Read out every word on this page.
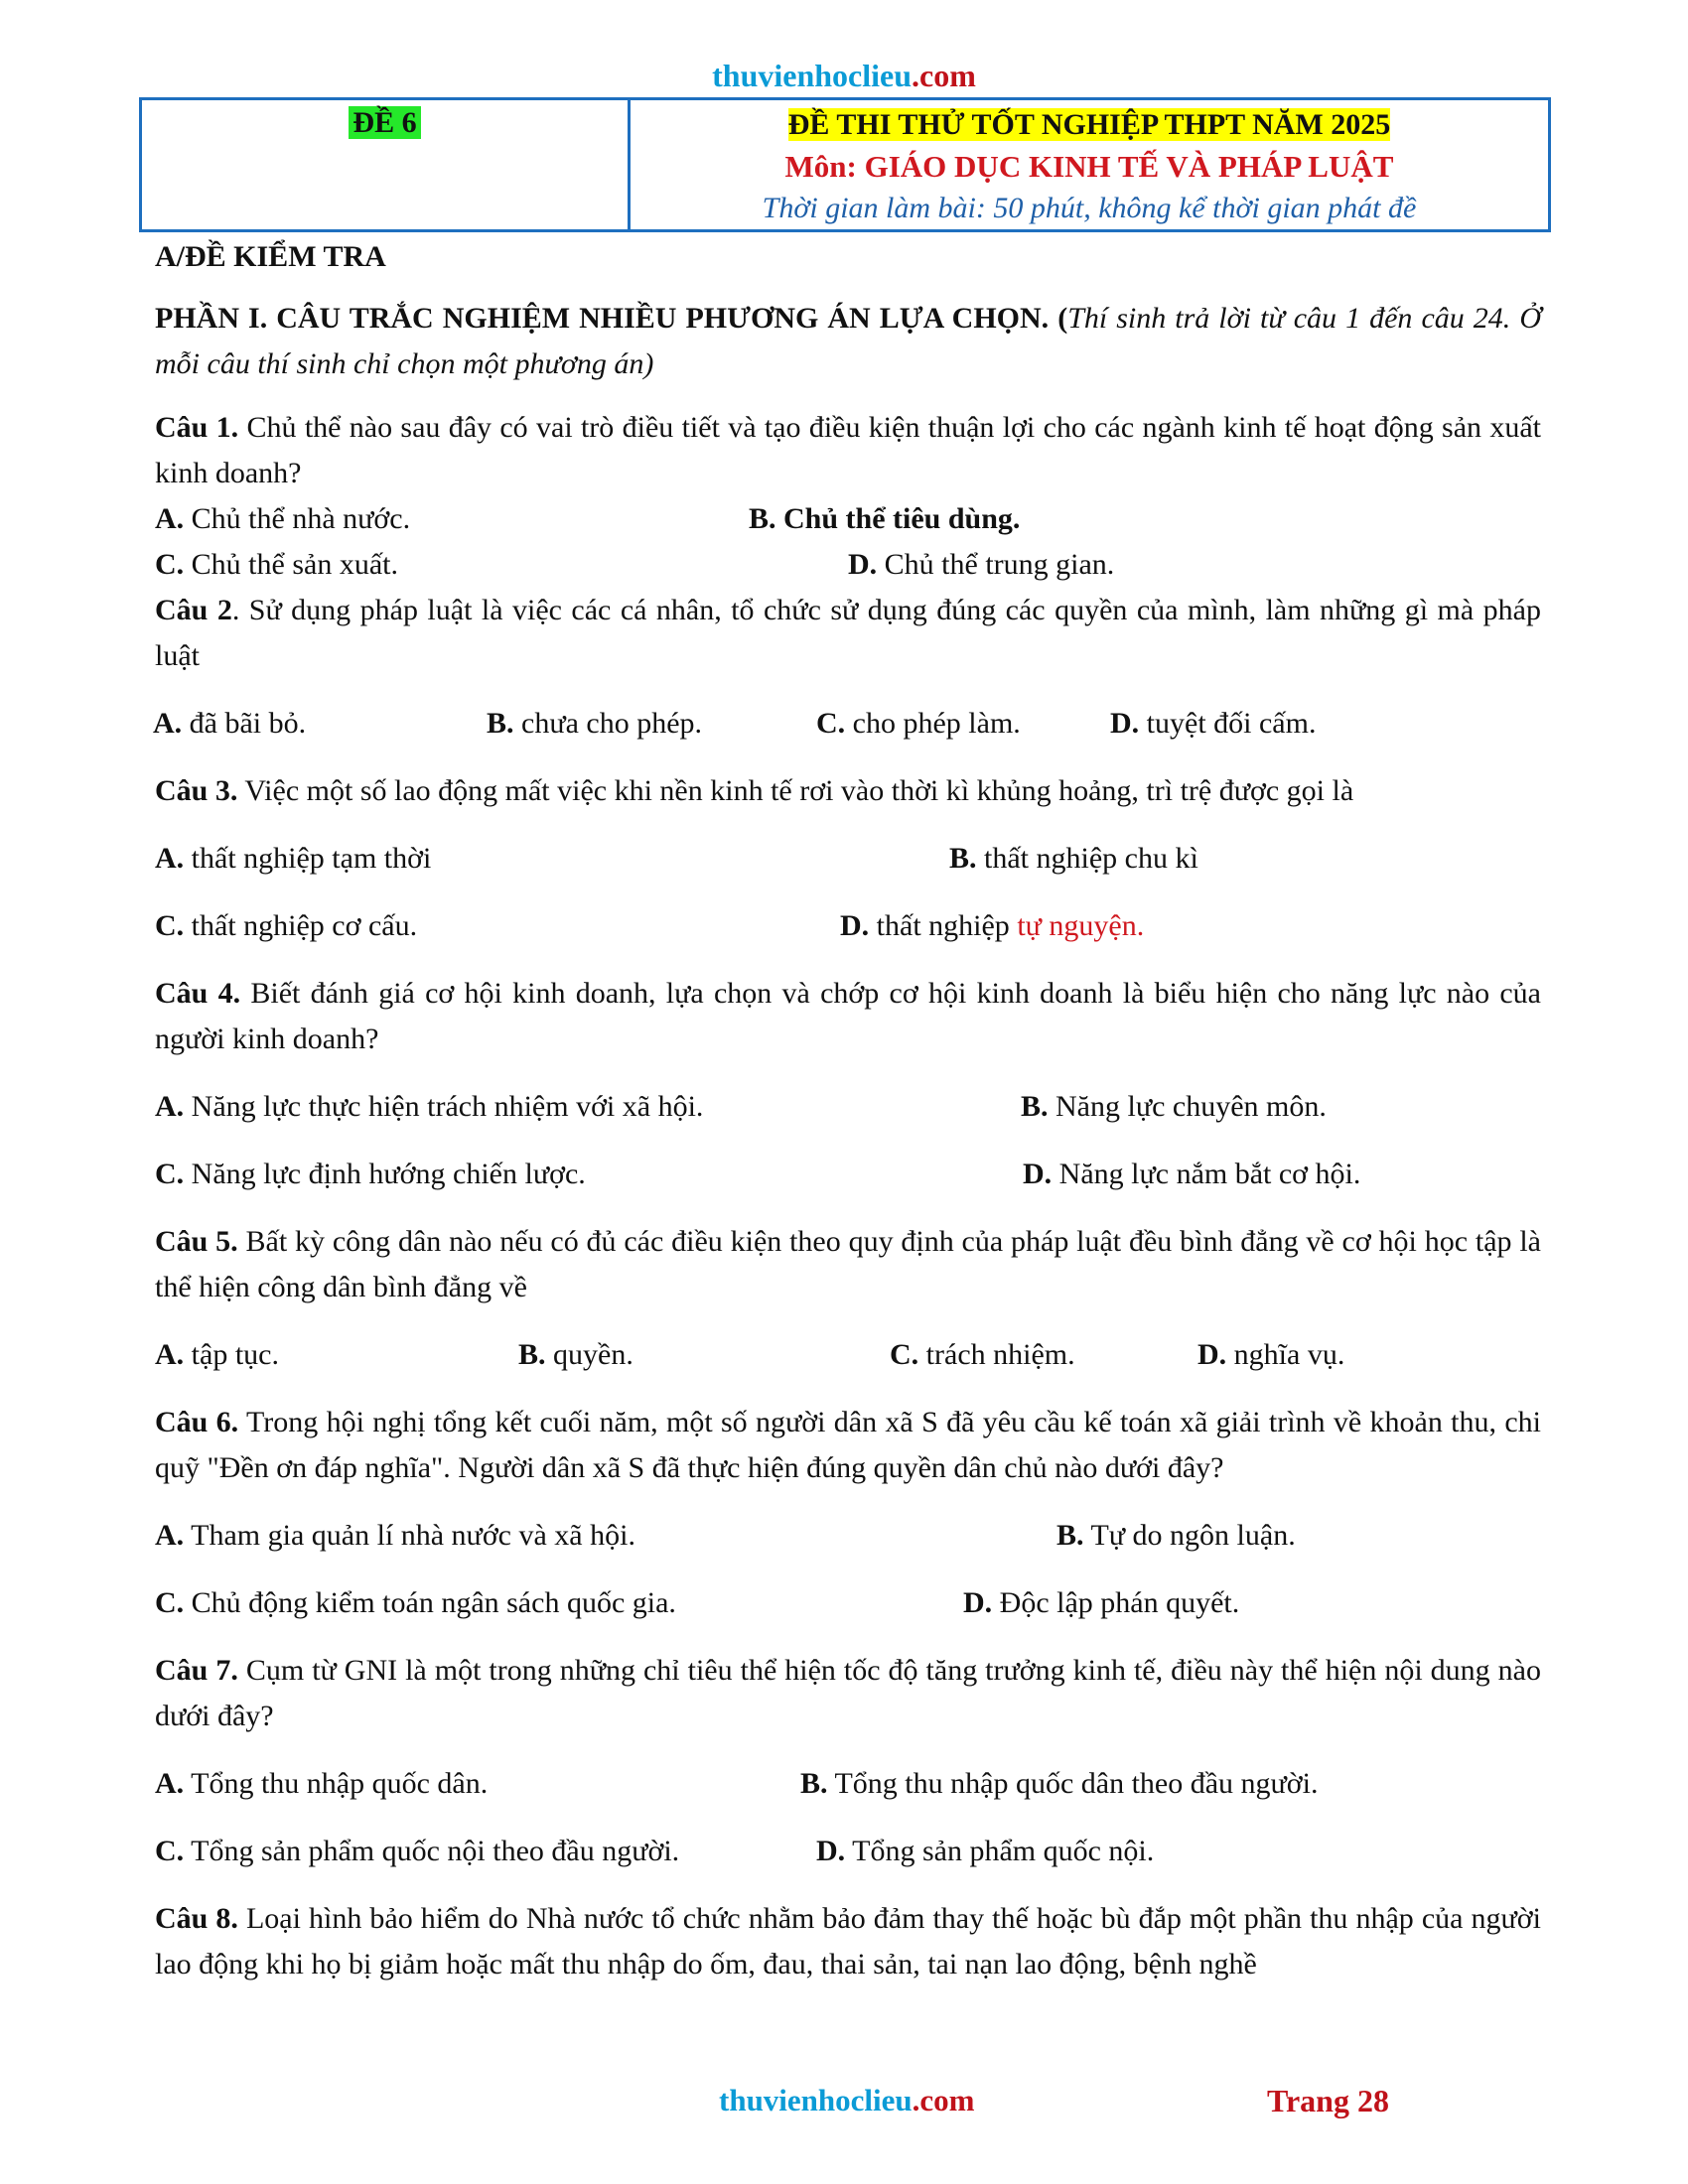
thuvienhoclieu.com
ĐỀ 6	ĐỀ THI THỬ TỐT NGHIỆP THPT NĂM 2025
Môn: GIÁO DỤC KINH TẾ VÀ PHÁP LUẬT
Thời gian làm bài: 50 phút, không kể thời gian phát đề

A/ĐỀ KIỂM TRA

PHẦN I. CÂU TRẮC NGHIỆM NHIỀU PHƯƠNG ÁN LỰA CHỌN. (Thí sinh trả lời từ câu 1 đến câu 24. Ở mỗi câu thí sinh chỉ chọn một phương án)

Câu 1. Chủ thể nào sau đây có vai trò điều tiết và tạo điều kiện thuận lợi cho các ngành kinh tế hoạt động sản xuất kinh doanh?

A. Chủ thể nhà nước.	B. Chủ thể tiêu dùng.
C. Chủ thể sản xuất.	D. Chủ thể trung gian.

Câu 2. Sử dụng pháp luật là việc các cá nhân, tổ chức sử dụng đúng các quyền của mình, làm những gì mà pháp luật

A. đã bãi bỏ.	B. chưa cho phép.	C. cho phép làm.	D. tuyệt đối cấm.

Câu 3. Việc một số lao động mất việc khi nền kinh tế rơi vào thời kì khủng hoảng, trì trệ được gọi là

A. thất nghiệp tạm thời	B. thất nghiệp chu kì
C. thất nghiệp cơ cấu.	D. thất nghiệp tự nguyện.

Câu 4. Biết đánh giá cơ hội kinh doanh, lựa chọn và chớp cơ hội kinh doanh là biểu hiện cho năng lực nào của người kinh doanh?

A. Năng lực thực hiện trách nhiệm với xã hội.	B. Năng lực chuyên môn.
C. Năng lực định hướng chiến lược.	D. Năng lực nắm bắt cơ hội.

Câu 5. Bất kỳ công dân nào nếu có đủ các điều kiện theo quy định của pháp luật đều bình đẳng về cơ hội học tập là thể hiện công dân bình đẳng về

A. tập tục.	B. quyền.	C. trách nhiệm.	D. nghĩa vụ.

Câu 6. Trong hội nghị tổng kết cuối năm, một số người dân xã S đã yêu cầu kế toán xã giải trình về khoản thu, chi quỹ "Đền ơn đáp nghĩa". Người dân xã S đã thực hiện đúng quyền dân chủ nào dưới đây?

A. Tham gia quản lí nhà nước và xã hội.	B. Tự do ngôn luận.
C. Chủ động kiểm toán ngân sách quốc gia.	D. Độc lập phán quyết.

Câu 7. Cụm từ GNI là một trong những chỉ tiêu thể hiện tốc độ tăng trưởng kinh tế, điều này thể hiện nội dung nào dưới đây?

A. Tổng thu nhập quốc dân.	B. Tổng thu nhập quốc dân theo đầu người.
C. Tổng sản phẩm quốc nội theo đầu người.	D. Tổng sản phẩm quốc nội.

Câu 8. Loại hình bảo hiểm do Nhà nước tổ chức nhằm bảo đảm thay thế hoặc bù đắp một phần thu nhập của người lao động khi họ bị giảm hoặc mất thu nhập do ốm, đau, thai sản, tai nạn lao động, bệnh nghề

thuvienhoclieu.com	Trang 28
